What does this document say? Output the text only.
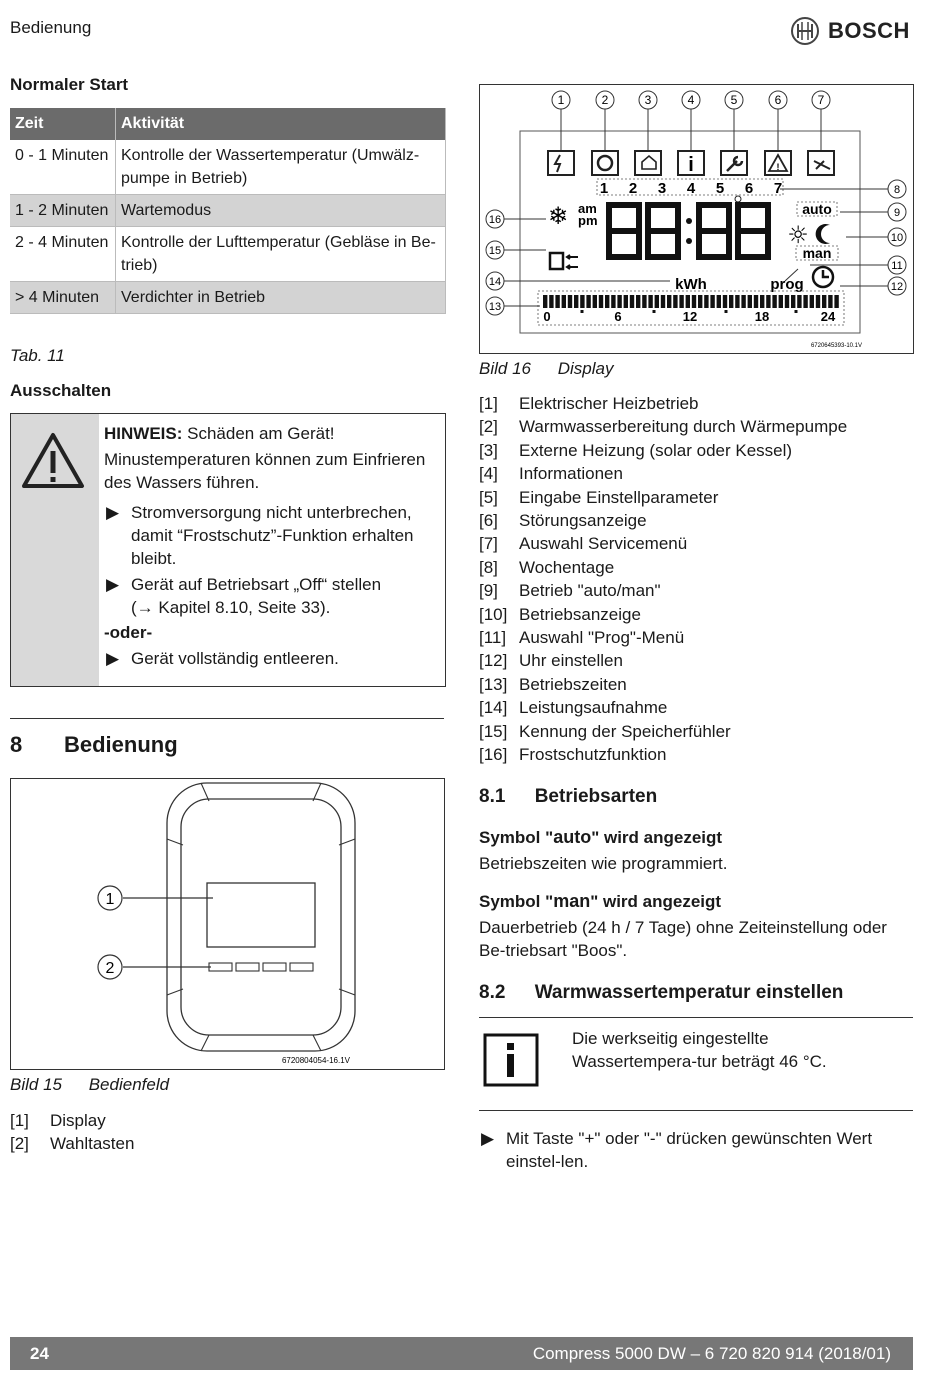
Bedienung	BOSCH
Normaler Start
Zeit	Aktivität
0 - 1 Minuten	Kontrolle der Wassertemperatur (Umwälz-pumpe in Betrieb)
1 - 2 Minuten	Wartemodus
2 - 4 Minuten	Kontrolle der Lufttemperatur (Gebläse in Be-trieb)
> 4 Minuten	Verdichter in Betrieb
Tab. 11
Ausschalten
HINWEIS: Schäden am Gerät!
Minustemperaturen können zum Einfrieren des Wassers führen.
▶ Stromversorgung nicht unterbrechen, damit “Frostschutz”-Funktion erhalten bleibt.
▶ Gerät auf Betriebsart „Off“ stellen
(→ Kapitel 8.10, Seite 33).
-oder-
▶ Gerät vollständig entleeren.
8 Bedienung
1
2
6720804054-16.1V
Bild 15 Bedienfeld
[1]	Display
[2]	Wahltasten
1	2	3	4	5	6	7
i	!
1 2 3 4 5 6 7
❄ am
pm
auto
☼
man
kWh	prog
0	6	12	18	24
8
9
10
11
12
16
15
14
13
6720645393-10.1V
Bild 16 Display
[1]	Elektrischer Heizbetrieb
[2]	Warmwasserbereitung durch Wärmepumpe
[3]	Externe Heizung (solar oder Kessel)
[4]	Informationen
[5]	Eingabe Einstellparameter
[6]	Störungsanzeige
[7]	Auswahl Servicemenü
[8]	Wochentage
[9]	Betrieb "auto/man"
[10] Betriebsanzeige
[11] Auswahl "Prog"-Menü
[12] Uhr einstellen
[13] Betriebszeiten
[14] Leistungsaufnahme
[15] Kennung der Speicherfühler
[16] Frostschutzfunktion
8.1 Betriebsarten
Symbol "auto" wird angezeigt
Betriebszeiten wie programmiert.
Symbol "man" wird angezeigt
Dauerbetrieb (24 h / 7 Tage) ohne Zeiteinstellung oder Be-triebsart "Boos".
8.2 Warmwassertemperatur einstellen
Die werkseitig eingestellte Wassertempera-tur beträgt 46 °C.
▶ Mit Taste "+" oder "-" drücken gewünschten Wert einstel-len.
24	Compress 5000 DW – 6 720 820 914 (2018/01)
